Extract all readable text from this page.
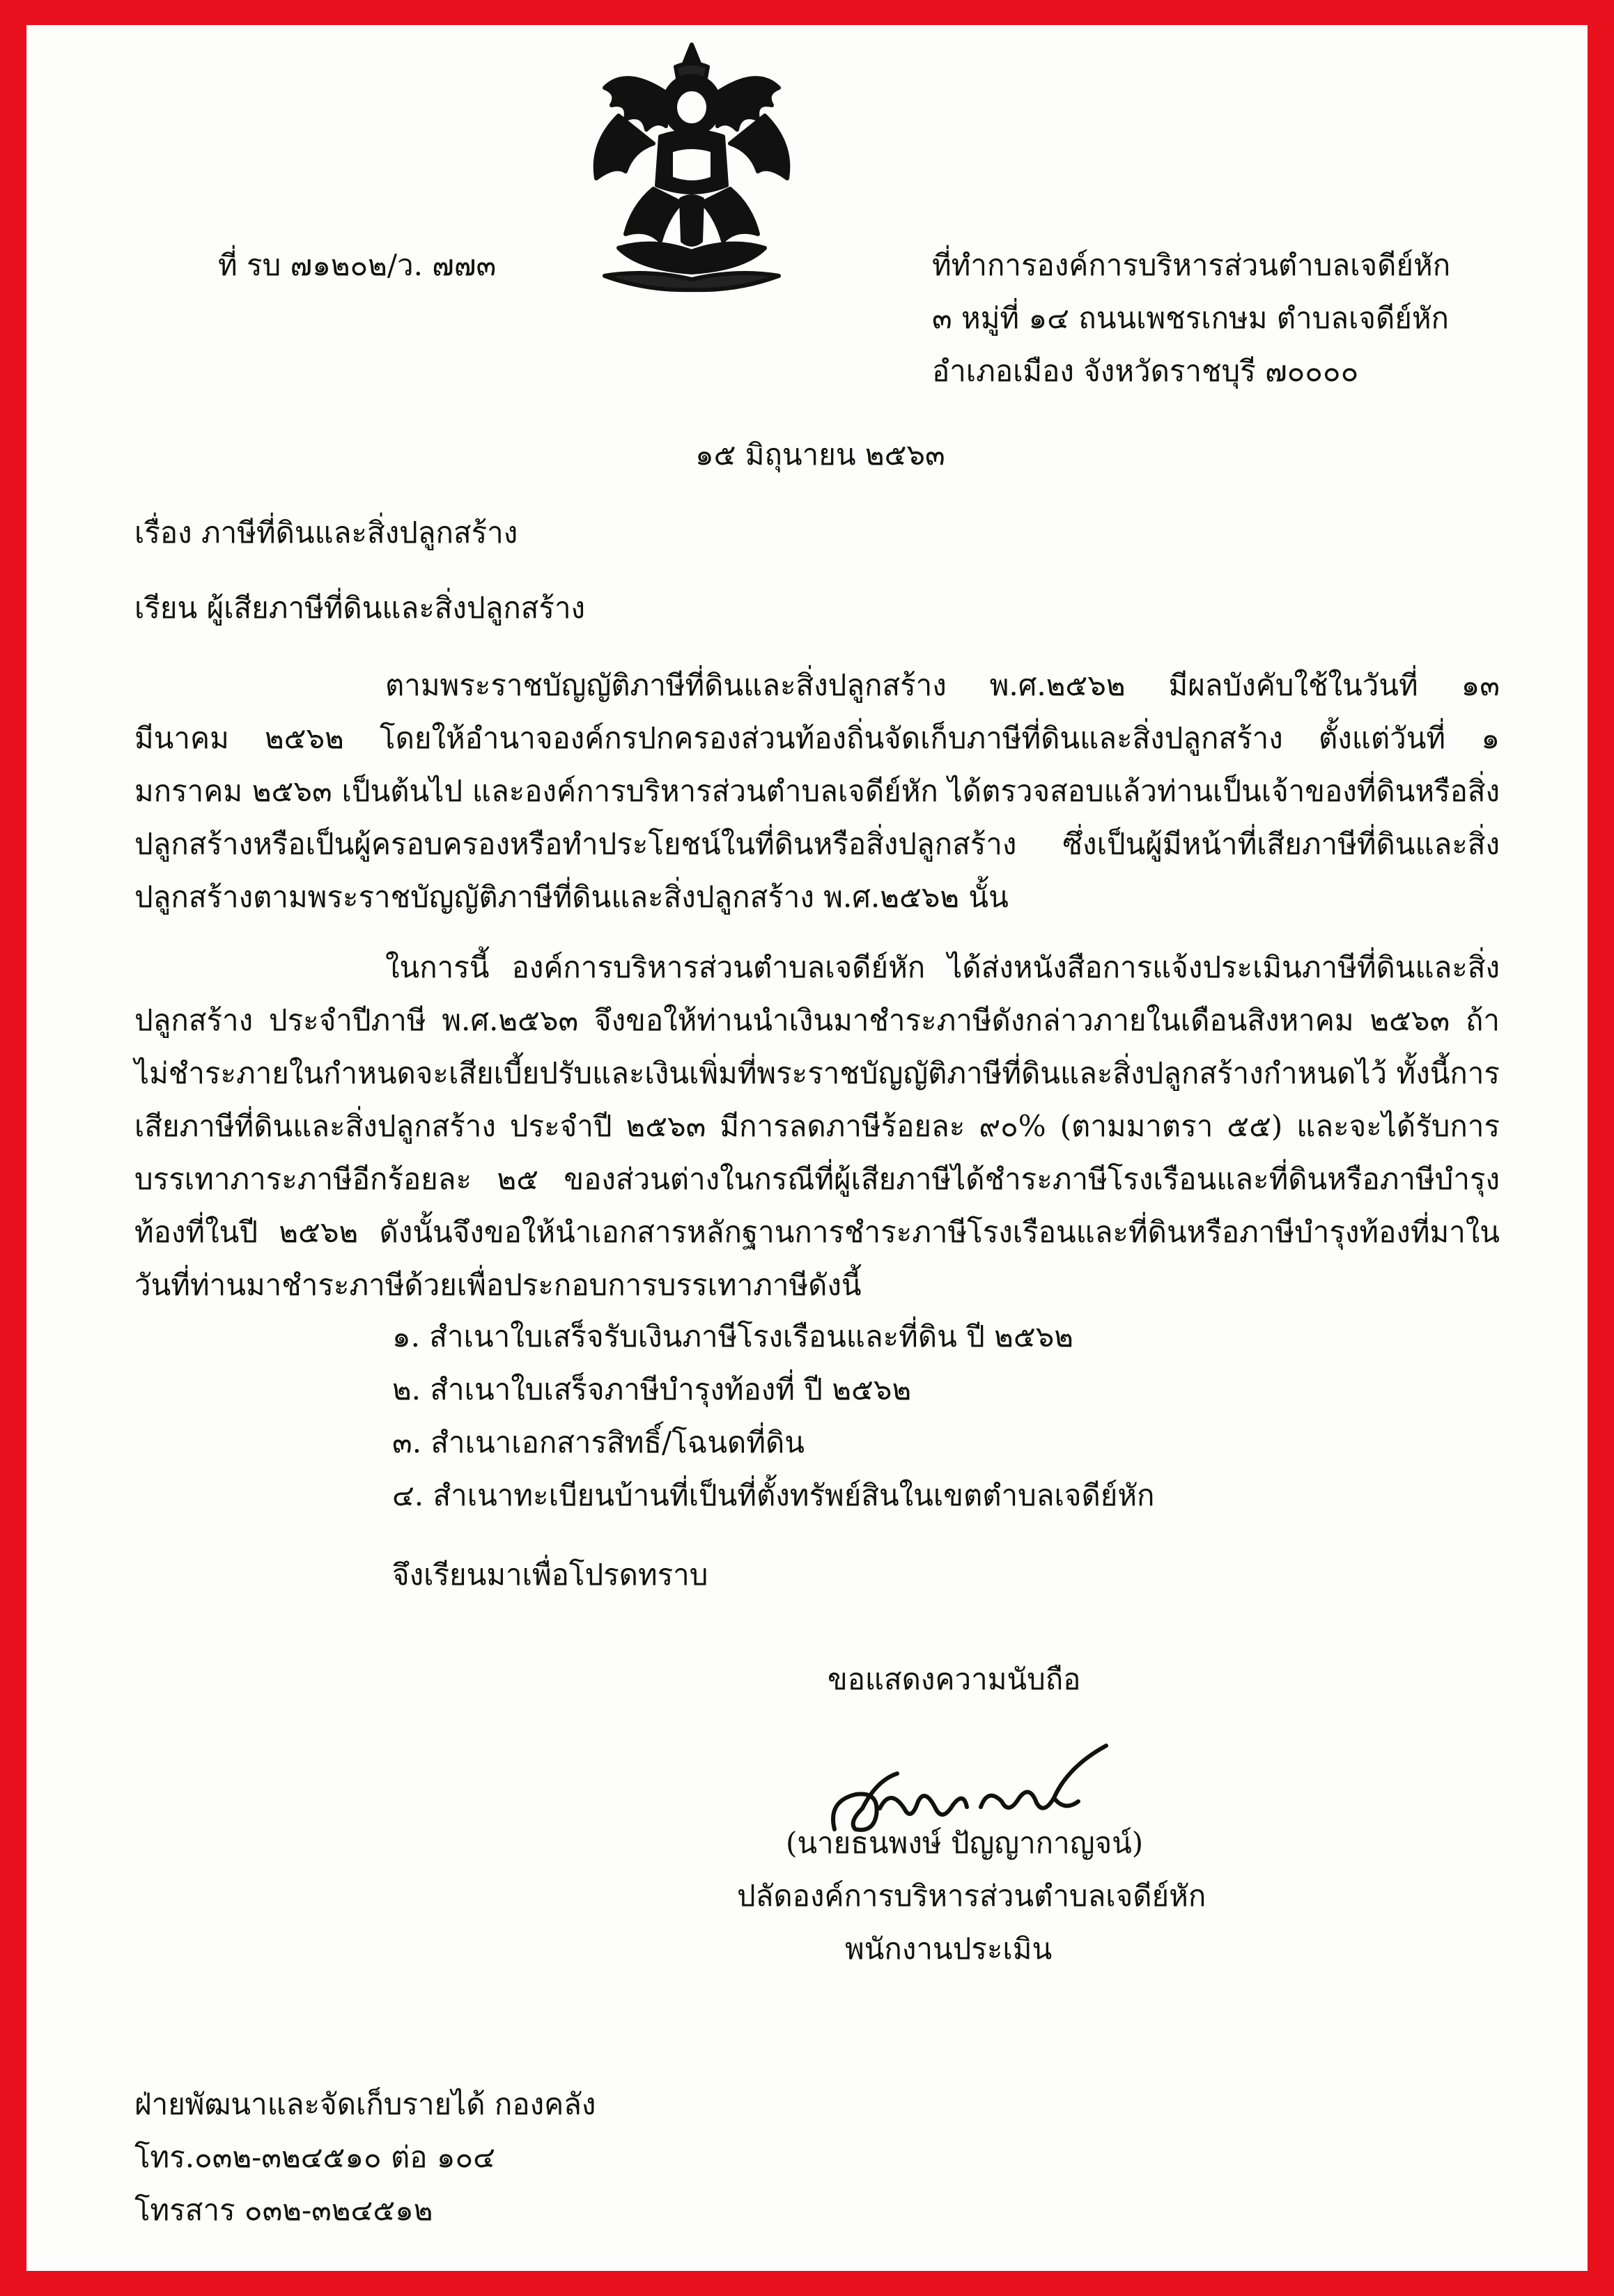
ที่ รบ ๗๑๒๐๒/ว. ๗๗๓	ที่ทำการองค์การบริหารส่วนตำบลเจดีย์หัก
๓ หมู่ที่ ๑๔ ถนนเพชรเกษม ตำบลเจดีย์หัก
อำเภอเมือง จังหวัดราชบุรี ๗๐๐๐๐
๑๕ มิถุนายน ๒๕๖๓
เรื่อง ภาษีที่ดินและสิ่งปลูกสร้าง
เรียน ผู้เสียภาษีที่ดินและสิ่งปลูกสร้าง
ตามพระราชบัญญัติภาษีที่ดินและสิ่งปลูกสร้าง พ.ศ.๒๕๖๒ มีผลบังคับใช้ในวันที่ ๑๓ มีนาคม ๒๕๖๒ โดยให้อำนาจองค์กรปกครองส่วนท้องถิ่นจัดเก็บภาษีที่ดินและสิ่งปลูกสร้าง ตั้งแต่วันที่ ๑ มกราคม ๒๕๖๓ เป็นต้นไป และองค์การบริหารส่วนตำบลเจดีย์หัก ได้ตรวจสอบแล้วท่านเป็นเจ้าของที่ดินหรือสิ่งปลูกสร้างหรือเป็นผู้ครอบครองหรือทำประโยชน์ในที่ดินหรือสิ่งปลูกสร้าง ซึ่งเป็นผู้มีหน้าที่เสียภาษีที่ดินและสิ่งปลูกสร้างตามพระราชบัญญัติภาษีที่ดินและสิ่งปลูกสร้าง พ.ศ.๒๕๖๒ นั้น
ในการนี้ องค์การบริหารส่วนตำบลเจดีย์หัก ได้ส่งหนังสือการแจ้งประเมินภาษีที่ดินและสิ่งปลูกสร้าง ประจำปีภาษี พ.ศ.๒๕๖๓ จึงขอให้ท่านนำเงินมาชำระภาษีดังกล่าวภายในเดือนสิงหาคม ๒๕๖๓ ถ้าไม่ชำระภายในกำหนดจะเสียเบี้ยปรับและเงินเพิ่มที่พระราชบัญญัติภาษีที่ดินและสิ่งปลูกสร้างกำหนดไว้ ทั้งนี้การเสียภาษีที่ดินและสิ่งปลูกสร้าง ประจำปี ๒๕๖๓ มีการลดภาษีร้อยละ ๙๐% (ตามมาตรา ๕๕) และจะได้รับการบรรเทาภาระภาษีอีกร้อยละ ๒๕ ของส่วนต่างในกรณีที่ผู้เสียภาษีได้ชำระภาษีโรงเรือนและที่ดินหรือภาษีบำรุงท้องที่ในปี ๒๕๖๒ ดังนั้นจึงขอให้นำเอกสารหลักฐานการชำระภาษีโรงเรือนและที่ดินหรือภาษีบำรุงท้องที่มาในวันที่ท่านมาชำระภาษีด้วยเพื่อประกอบการบรรเทาภาษีดังนี้
๑. สำเนาใบเสร็จรับเงินภาษีโรงเรือนและที่ดิน ปี ๒๕๖๒
๒. สำเนาใบเสร็จภาษีบำรุงท้องที่ ปี ๒๕๖๒
๓. สำเนาเอกสารสิทธิ์/โฉนดที่ดิน
๔. สำเนาทะเบียนบ้านที่เป็นที่ตั้งทรัพย์สินในเขตตำบลเจดีย์หัก
จึงเรียนมาเพื่อโปรดทราบ
ขอแสดงความนับถือ
(นายธนพงษ์ ปัญญากาญจน์)
ปลัดองค์การบริหารส่วนตำบลเจดีย์หัก
พนักงานประเมิน
ฝ่ายพัฒนาและจัดเก็บรายได้ กองคลัง
โทร.๐๓๒-๓๒๔๕๑๐ ต่อ ๑๐๔
โทรสาร ๐๓๒-๓๒๔๕๑๒
